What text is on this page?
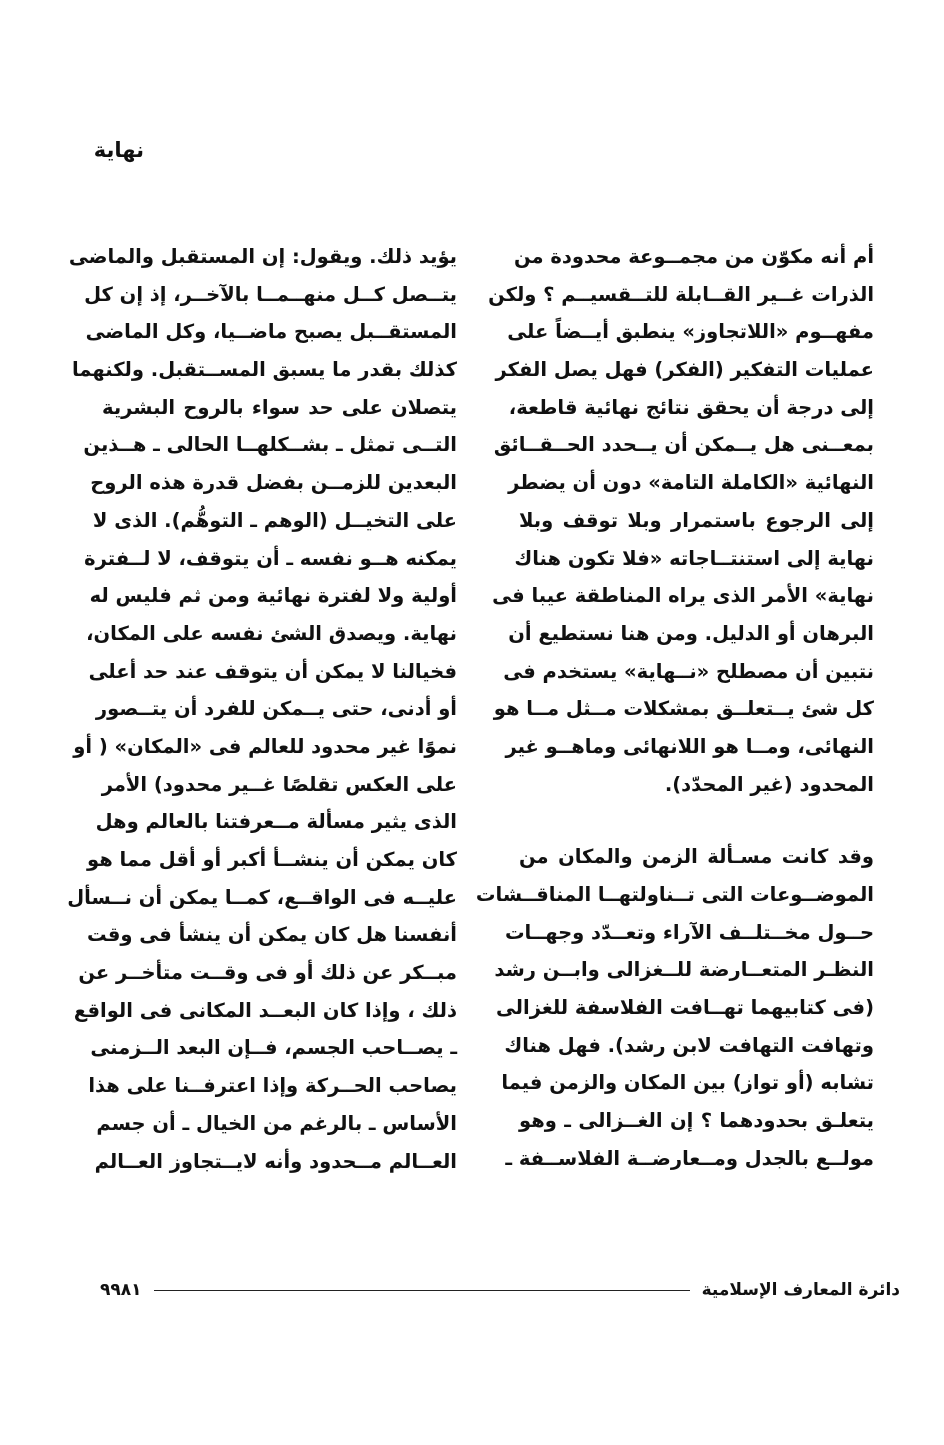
نهاية
أم أنه مكوّن من مجمــوعة محدودة من
الذرات غــير القــابلة للتــقسيــم ؟ ولكن
مفهــوم «اللاتجاوز» ينطبق أيــضاً على
عمليات التفكير (الفكر) فهل يصل الفكر
إلى درجة أن يحقق نتائج نهائية قاطعة،
بمعــنى هل يــمكن أن يــحدد الحــقــائق
النهائية «الكاملة التامة» دون أن يضطر
إلى الرجوع باستمرار وبلا توقف وبلا
نهاية إلى استنتــاجاته «فلا تكون هناك
نهاية» الأمر الذى يراه المناطقة عيبا فى
البرهان أو الدليل. ومن هنا نستطيع أن
نتبين أن مصطلح «نــهاية» يستخدم فى
كل شئ يــتعلــق بمشكلات مــثل مــا هو
النهائى، ومــا هو اللانهائى وماهــو غير
المحدود (غير المحدّد).
وقد كانت مسـألة الزمن والمكان من
الموضــوعات التى تــناولتهــا المناقــشات
حــول مخــتلــف الآراء وتعــدّد وجهــات
النظـر المتعــارضة للــغزالى وابــن رشد
(فى كتابيهما تهــافت الفلاسفة للغزالى
وتهافت التهافت لابن رشد). فهل هناك
تشابه (أو تواز) بين المكان والزمن فيما
يتعلـق بحدودهما ؟ إن الغــزالى ـ وهو
مولــع بالجدل ومــعارضــة الفلاســفة ـ
يؤيد ذلك. ويقول: إن المستقبل والماضى
يتــصل كــل منهــمــا بالآخــر، إذ إن كل
المستقــبل يصبح ماضــيا، وكل الماضى
كذلك بقدر ما يسبق المســتقبل. ولكنهما
يتصلان على حد سواء بالروح البشرية
التــى تمثل ـ بشــكلهــا الحالى ـ هــذين
البعدين للزمــن بفضل قدرة هذه الروح
على التخيــل (الوهم ـ التوهُّم). الذى لا
يمكنه هــو نفسه ـ أن يتوقف، لا لــفترة
أولية ولا لفترة نهائية ومن ثم فليس له
نهاية. ويصدق الشئ نفسه على المكان،
فخيالنا لا يمكن أن يتوقف عند حد أعلى
أو أدنى، حتى يــمكن للفرد أن يتــصور
نموًا غير محدود للعالم فى «المكان» ( أو
على العكس تقلصًا غــير محدود) الأمر
الذى يثير مسألة مــعرفتنا بالعالم وهل
كان يمكن أن ينشــأ أكبر أو أقل مما هو
عليــه فى الواقــع، كمــا يمكن أن نــسأل
أنفسنا هل كان يمكن أن ينشأ فى وقت
مبــكر عن ذلك أو فى وقــت متأخــر عن
ذلك ، وإذا كان البعــد المكانى فى الواقع
ـ يصــاحب الجسم، فــإن البعد الــزمنى
يصاحب الحــركة وإذا اعترفــنا على هذا
الأساس ـ بالرغم من الخيال ـ أن جسم
العــالم مــحدود وأنه لايــتجاوز العــالم
دائرة المعارف الإسلامية
٩٩٨١
